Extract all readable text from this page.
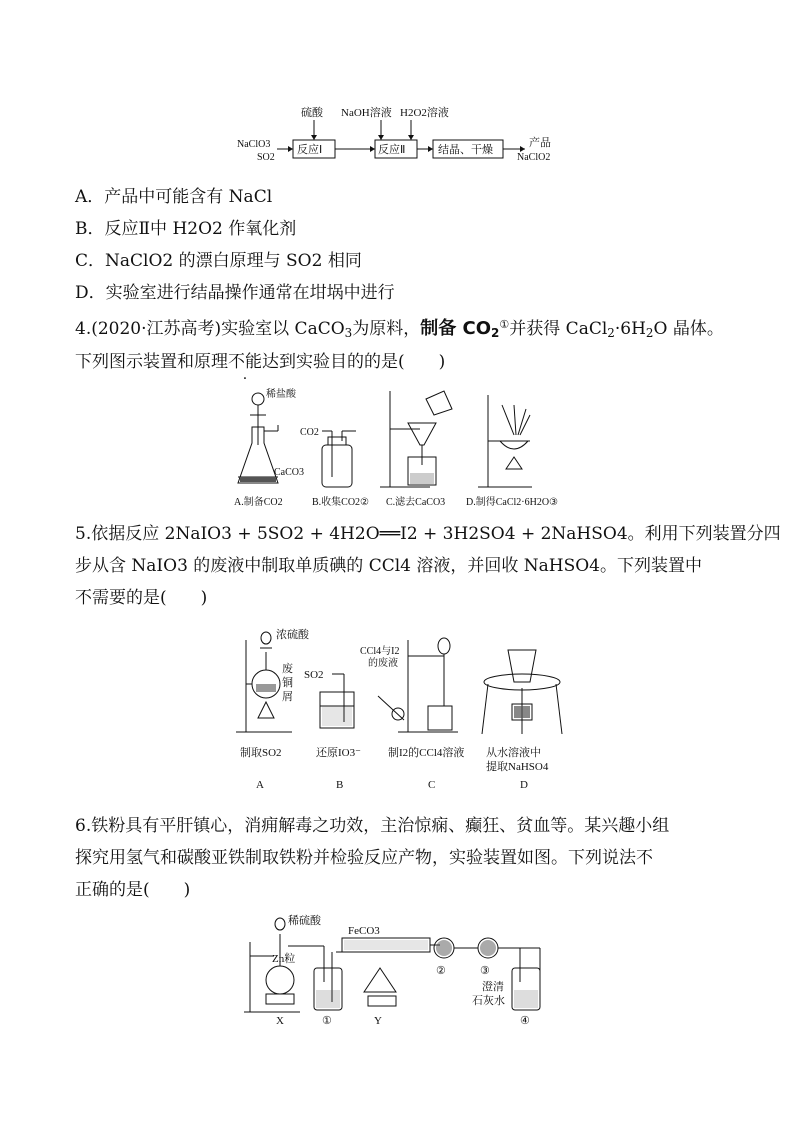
硫酸 NaOH溶液 H2O2溶液
NaClO3
SO2
反应Ⅰ	反应Ⅱ	结晶、干燥
产品
NaClO2
A．产品中可能含有 NaCl
B．反应Ⅱ中 H2O2 作氧化剂
C．NaClO2 的漂白原理与 SO2 相同
D．实验室进行结晶操作通常在坩埚中进行
4.(2020·江苏高考)实验室以 CaCO$_3$为原料，制备 $CO_2^①$并获得 $CaCl_2\cdot 6H_2O$ 晶体。
下列图示装置和原理不能达到实验目的的是(　　)
稀盐酸
CaCO3
CO2
A.制备CO2	B.收集CO2② C.滤去CaCO3 D.制得CaCl2·6H2O③
5.依据反应 2NaIO3 + 5SO2 + 4H2O══I2 + 3H2SO4 + 2NaHSO4。利用下列装置分四
步从含 NaIO3 的废液中制取单质碘的 CCl4 溶液，并回收 NaHSO4。下列装置中
不需要的是(　　)
浓硫酸
废
铜
屑
SO2
CCl4与I2
的废液
制取SO2	还原IO3⁻ 制I2的CCl4溶液 从水溶液中
提取NaHSO4
A	B	C	D
6.铁粉具有平肝镇心，消痈解毒之功效，主治惊痫、癫狂、贫血等。某兴趣小组
探究用氢气和碳酸亚铁制取铁粉并检验反应产物，实验装置如图。下列说法不
正确的是(　　)
稀硫酸
FeCO3
Zn粒
澄清
石灰水
X	①	Y
②	③
④
